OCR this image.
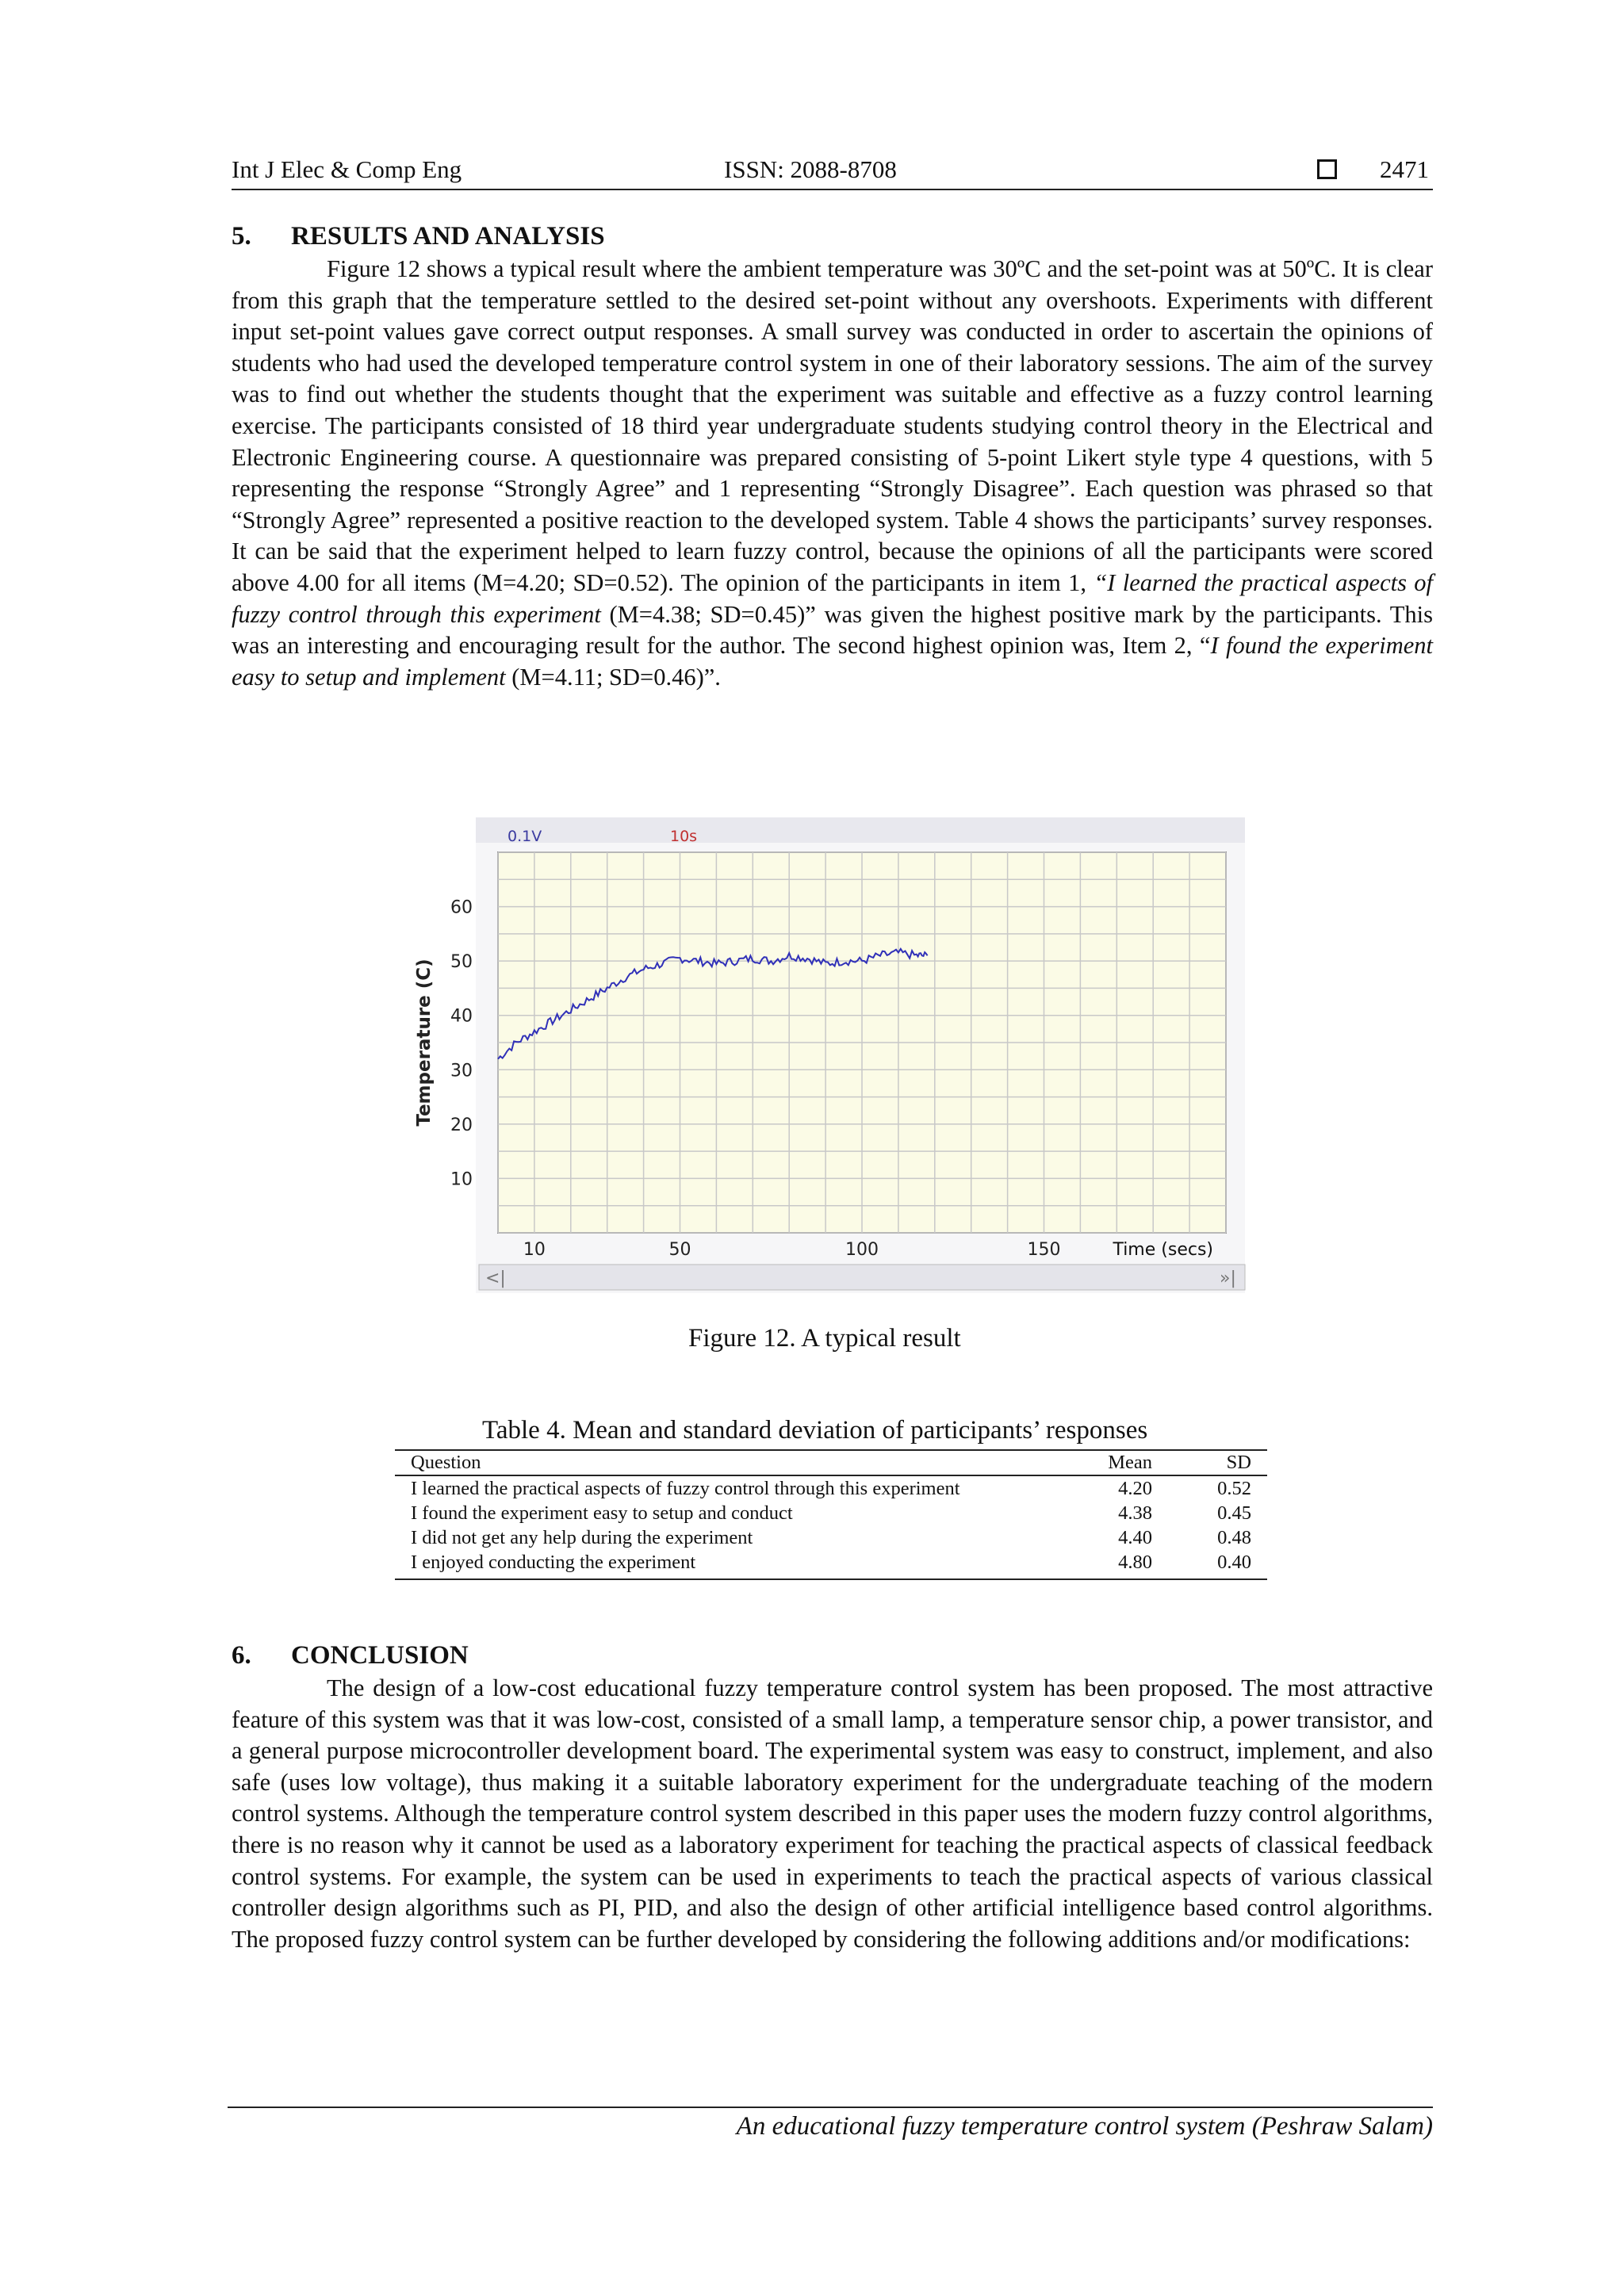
Int J Elec & Comp Eng	ISSN: 2088-8708	2471
5. RESULTS AND ANALYSIS
Figure 12 shows a typical result where the ambient temperature was 30ºC and the set-point was at 50ºC. It is clear from this graph that the temperature settled to the desired set-point without any overshoots. Experiments with different input set-point values gave correct output responses. A small survey was conducted in order to ascertain the opinions of students who had used the developed temperature control system in one of their laboratory sessions. The aim of the survey was to find out whether the students thought that the experiment was suitable and effective as a fuzzy control learning exercise. The participants consisted of 18 third year undergraduate students studying control theory in the Electrical and Electronic Engineering course. A questionnaire was prepared consisting of 5-point Likert style type 4 questions, with 5 representing the response “Strongly Agree” and 1 representing “Strongly Disagree”. Each question was phrased so that “Strongly Agree” represented a positive reaction to the developed system. Table 4 shows the participants’ survey responses. It can be said that the experiment helped to learn fuzzy control, because the opinions of all the participants were scored above 4.00 for all items (M=4.20; SD=0.52). The opinion of the participants in item 1, “I learned the practical aspects of fuzzy control through this experiment (M=4.38; SD=0.45)” was given the highest positive mark by the participants. This was an interesting and encouraging result for the author. The second highest opinion was, Item 2, “I found the experiment easy to setup and implement (M=4.11; SD=0.46)”.
0.1V	10s
10
20
30
40
50
60
10	50	100	150
Temperature (C)
Time (secs)
<|	»|
Figure 12. A typical result
Table 4. Mean and standard deviation of participants’ responses
Question	Mean	SD
I learned the practical aspects of fuzzy control through this experiment	4.20	0.52
I found the experiment easy to setup and conduct	4.38	0.45
I did not get any help during the experiment	4.40	0.48
I enjoyed conducting the experiment	4.80	0.40
6. CONCLUSION
The design of a low-cost educational fuzzy temperature control system has been proposed. The most attractive feature of this system was that it was low-cost, consisted of a small lamp, a temperature sensor chip, a power transistor, and a general purpose microcontroller development board. The experimental system was easy to construct, implement, and also safe (uses low voltage), thus making it a suitable laboratory experiment for the undergraduate teaching of the modern control systems. Although the temperature control system described in this paper uses the modern fuzzy control algorithms, there is no reason why it cannot be used as a laboratory experiment for teaching the practical aspects of classical feedback control systems. For example, the system can be used in experiments to teach the practical aspects of various classical controller design algorithms such as PI, PID, and also the design of other artificial intelligence based control algorithms. The proposed fuzzy control system can be further developed by considering the following additions and/or modifications:
An educational fuzzy temperature control system (Peshraw Salam)
